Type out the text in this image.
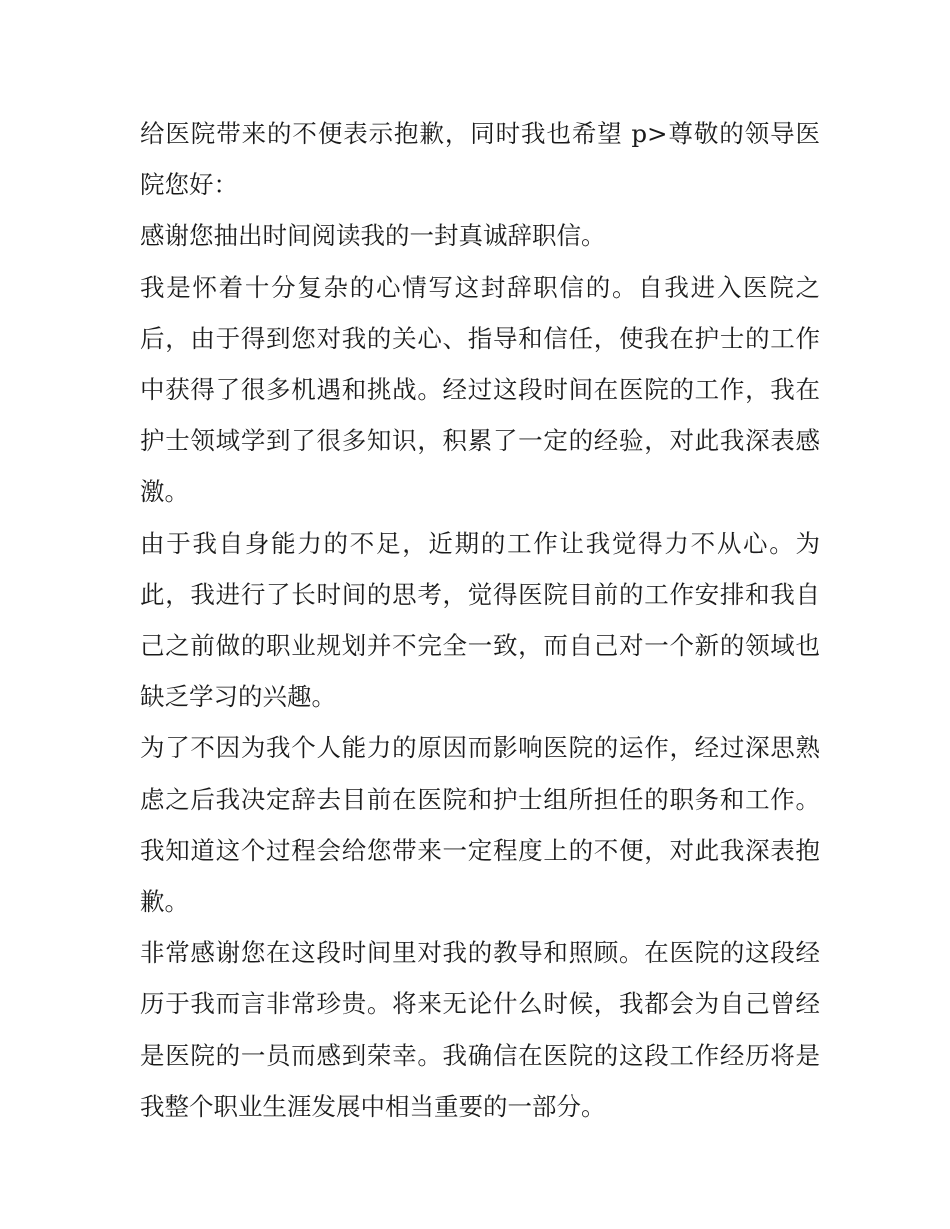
给医院带来的不便表示抱歉，同时我也希望 p>尊敬的领导医院您好：

感谢您抽出时间阅读我的一封真诚辞职信。

我是怀着十分复杂的心情写这封辞职信的。自我进入医院之后，由于得到您对我的关心、指导和信任，使我在护士的工作中获得了很多机遇和挑战。经过这段时间在医院的工作，我在护士领域学到了很多知识，积累了一定的经验，对此我深表感激。

由于我自身能力的不足，近期的工作让我觉得力不从心。为此，我进行了长时间的思考，觉得医院目前的工作安排和我自己之前做的职业规划并不完全一致，而自己对一个新的领域也缺乏学习的兴趣。

为了不因为我个人能力的原因而影响医院的运作，经过深思熟虑之后我决定辞去目前在医院和护士组所担任的职务和工作。我知道这个过程会给您带来一定程度上的不便，对此我深表抱歉。

非常感谢您在这段时间里对我的教导和照顾。在医院的这段经历于我而言非常珍贵。将来无论什么时候，我都会为自己曾经是医院的一员而感到荣幸。我确信在医院的这段工作经历将是我整个职业生涯发展中相当重要的一部分。
